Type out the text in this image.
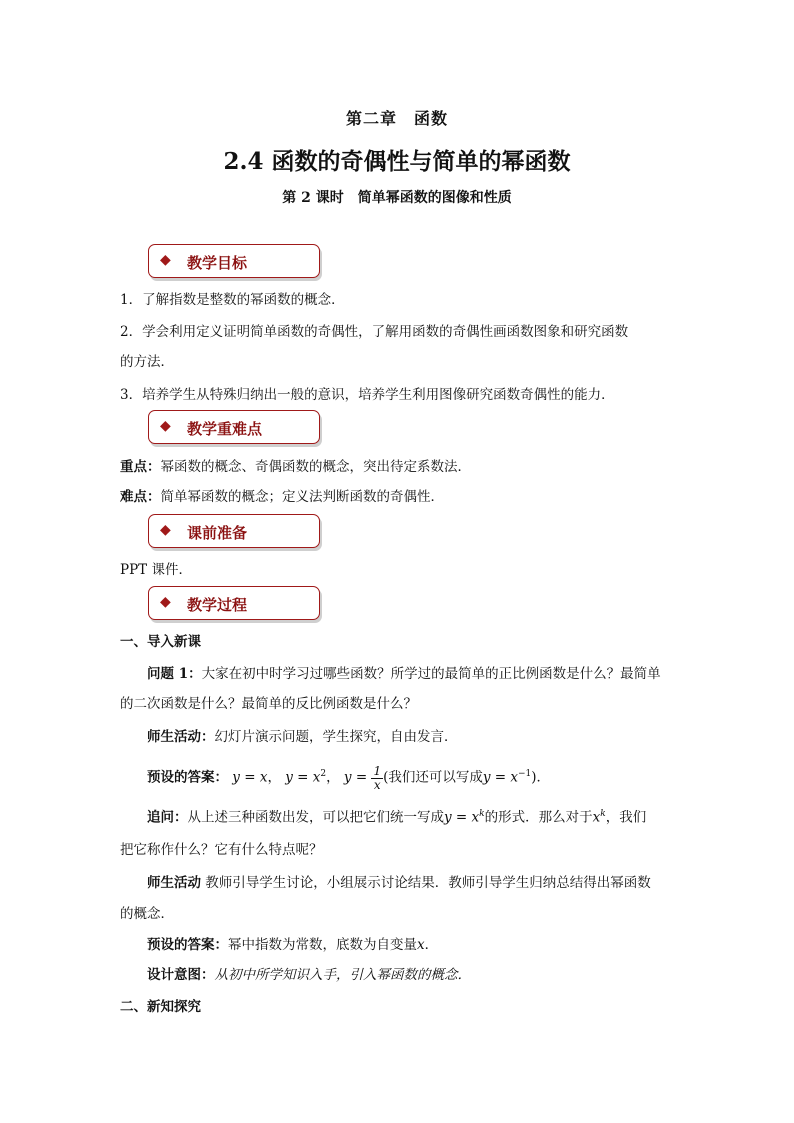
第二章　函数
2.4 函数的奇偶性与简单的幂函数
第 2 课时　简单幂函数的图像和性质
◆ 教学目标
1．了解指数是整数的幂函数的概念．
2．学会利用定义证明简单函数的奇偶性，了解用函数的奇偶性画函数图象和研究函数
的方法．
3．培养学生从特殊归纳出一般的意识，培养学生利用图像研究函数奇偶性的能力．
◆ 教学重难点
重点：幂函数的概念、奇偶函数的概念，突出待定系数法．
难点：简单幂函数的概念；定义法判断函数的奇偶性．
◆ 课前准备
PPT 课件．
◆ 教学过程
一、导入新课
问题 1：大家在初中时学习过哪些函数？所学过的最简单的正比例函数是什么？最简单
的二次函数是什么？最简单的反比例函数是什么？
师生活动：幻灯片演示问题，学生探究，自由发言．
预设的答案： y = x， $y = x^2$， $y = \frac{1}{x}$ (我们还可以写成$y = x^{-1}$)．
追问：从上述三种函数出发，可以把它们统一写成$y = x^k$的形式．那么对于$x^k$，我们
把它称作什么？它有什么特点呢？
师生活动 教师引导学生讨论，小组展示讨论结果．教师引导学生归纳总结得出幂函数
的概念．
预设的答案：幂中指数为常数，底数为自变量x．
设计意图：从初中所学知识入手，引入幂函数的概念．
二、新知探究
